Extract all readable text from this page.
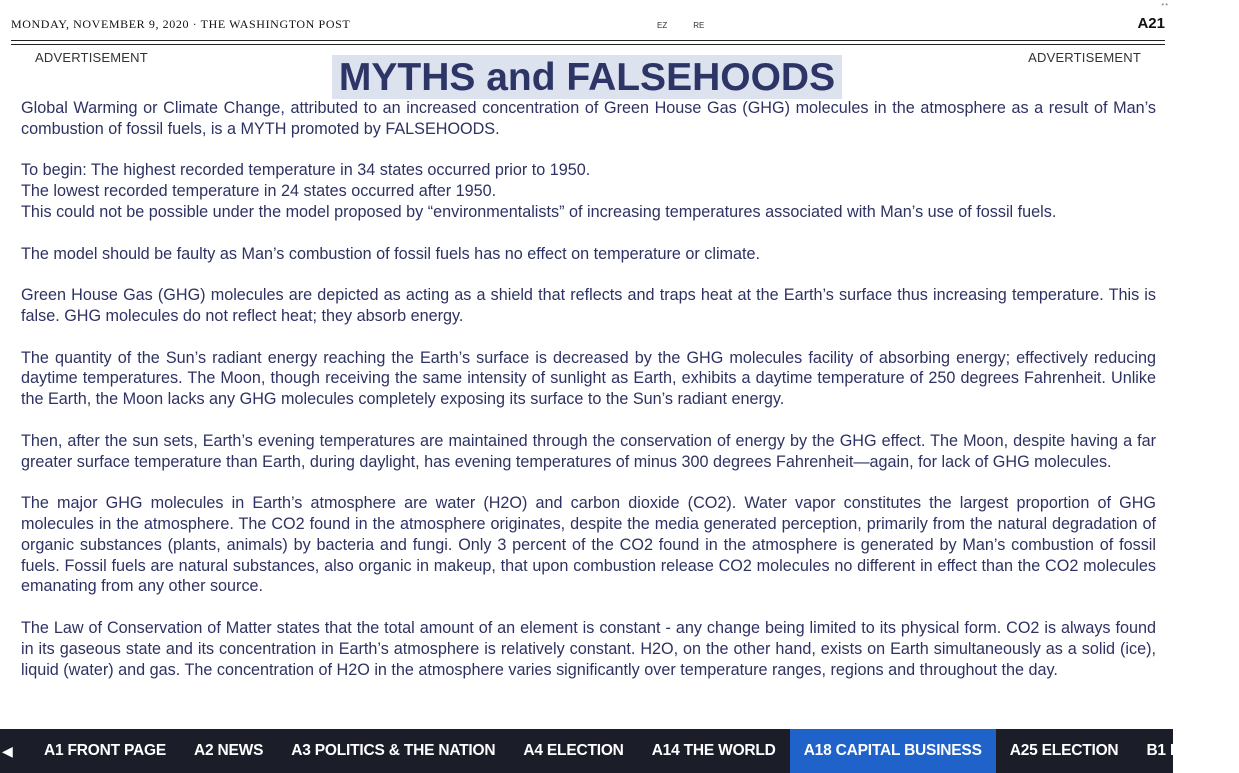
••
MONDAY, NOVEMBER 9, 2020 · THE WASHINGTON POST	EZ	RE	A21
ADVERTISEMENT	ADVERTISEMENT
MYTHS and FALSEHOODS

Global Warming or Climate Change, attributed to an increased concentration of Green House Gas (GHG) molecules in the atmosphere as a result of Man’s combustion of fossil fuels, is a MYTH promoted by FALSEHOODS.

To begin: The highest recorded temperature in 34 states occurred prior to 1950.
The lowest recorded temperature in 24 states occurred after 1950.
This could not be possible under the model proposed by “environmentalists” of increasing temperatures associated with Man’s use of fossil fuels.

The model should be faulty as Man’s combustion of fossil fuels has no effect on temperature or climate.

Green House Gas (GHG) molecules are depicted as acting as a shield that reflects and traps heat at the Earth’s surface thus increasing temperature. This is false. GHG molecules do not reflect heat; they absorb energy.

The quantity of the Sun’s radiant energy reaching the Earth’s surface is decreased by the GHG molecules facility of absorbing energy; effectively reducing daytime temperatures. The Moon, though receiving the same intensity of sunlight as Earth, exhibits a daytime temperature of 250 degrees Fahrenheit. Unlike the Earth, the Moon lacks any GHG molecules completely exposing its surface to the Sun’s radiant energy.

Then, after the sun sets, Earth’s evening temperatures are maintained through the conservation of energy by the GHG effect. The Moon, despite having a far greater surface temperature than Earth, during daylight, has evening temperatures of minus 300 degrees Fahrenheit—again, for lack of GHG molecules.

The major GHG molecules in Earth’s atmosphere are water (H2O) and carbon dioxide (CO2). Water vapor constitutes the largest proportion of GHG molecules in the atmosphere. The CO2 found in the atmosphere originates, despite the media generated perception, primarily from the natural degradation of organic substances (plants, animals) by bacteria and fungi. Only 3 percent of the CO2 found in the atmosphere is generated by Man’s combustion of fossil fuels. Fossil fuels are natural substances, also organic in makeup, that upon combustion release CO2 molecules no different in effect than the CO2 molecules emanating from any other source.

The Law of Conservation of Matter states that the total amount of an element is constant - any change being limited to its physical form. CO2 is always found in its gaseous state and its concentration in Earth’s atmosphere is relatively constant. H2O, on the other hand, exists on Earth simultaneously as a solid (ice), liquid (water) and gas. The concentration of H2O in the atmosphere varies significantly over temperature ranges, regions and throughout the day.

◀	A1 FRONT PAGE	A2 NEWS	A3 POLITICS & THE NATION	A4 ELECTION	A14 THE WORLD	A18 CAPITAL BUSINESS	A25 ELECTION	B1 METRO
